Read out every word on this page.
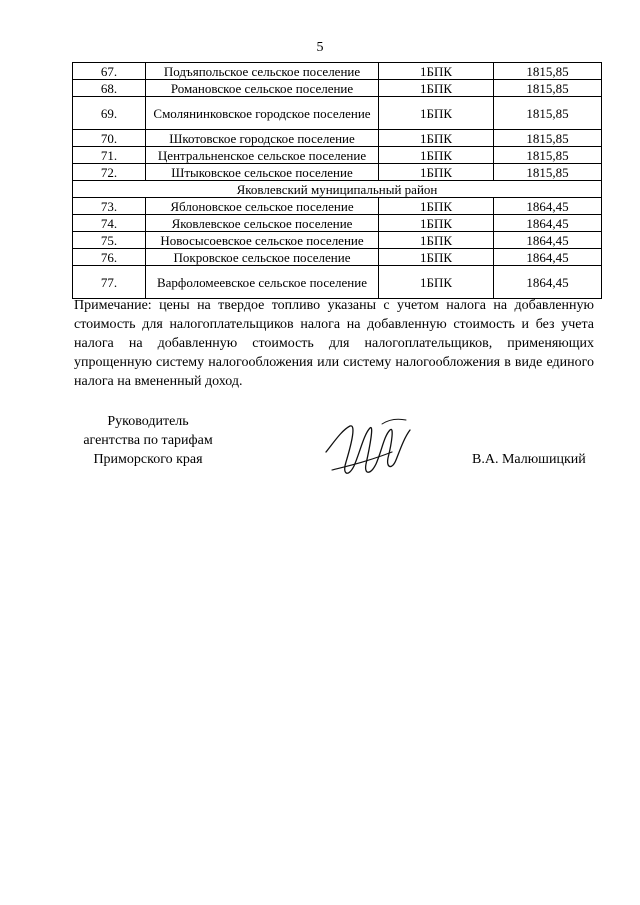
5
67.	Подъяпольское сельское поселение	1БПК	1815,85
68.	Романовское сельское поселение	1БПК	1815,85
69.	Смолянинковское городское поселение	1БПК	1815,85
70.	Шкотовское городское поселение	1БПК	1815,85
71.	Центральненское сельское поселение	1БПК	1815,85
72.	Штыковское сельское поселение	1БПК	1815,85
Яковлевский муниципальный район			
73.	Яблоновское сельское поселение	1БПК	1864,45
74.	Яковлевское сельское поселение	1БПК	1864,45
75.	Новосысоевское сельское поселение	1БПК	1864,45
76.	Покровское сельское поселение	1БПК	1864,45
77.	Варфоломеевское сельское поселение	1БПК	1864,45
Примечание: цены на твердое топливо указаны с учетом налога на добавленную стоимость для налогоплательщиков налога на добавленную стоимость и без учета налога на добавленную стоимость для налогоплательщиков, применяющих упрощенную систему налогообложения или систему налогообложения в виде единого налога на вмененный доход.
Руководитель
агентства по тарифам
Приморского края	В.А. Малюшицкий
